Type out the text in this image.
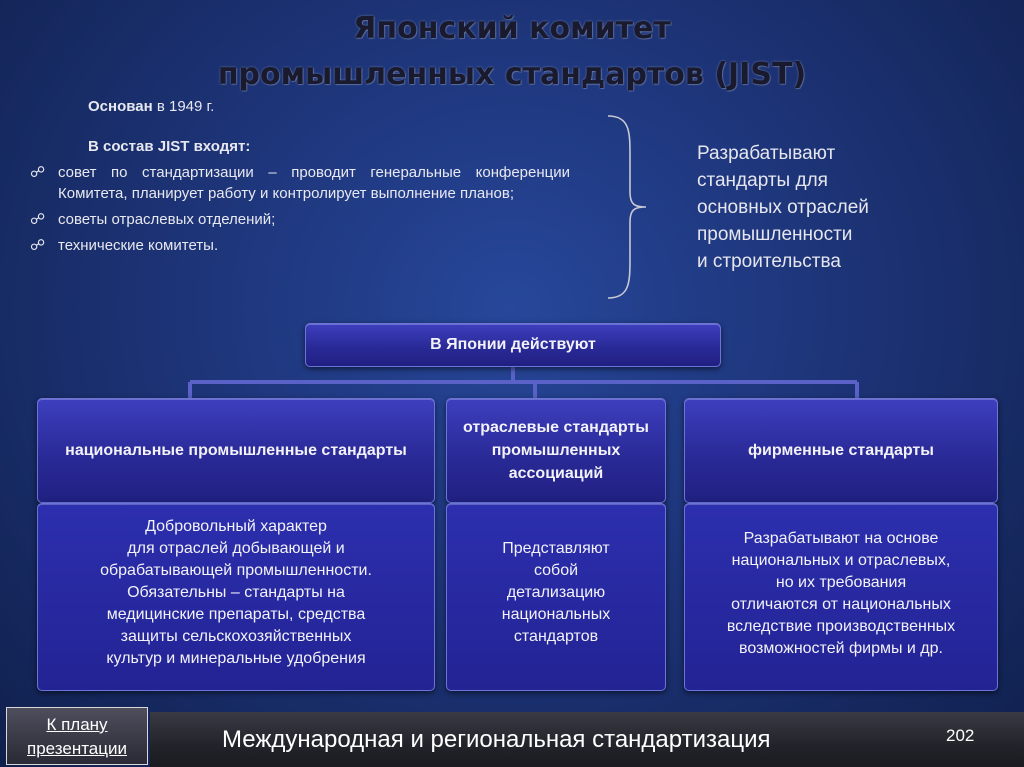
Японский комитет
промышленных стандартов (JIST)
Основан в 1949 г.
В состав JIST входят:
☍ совет по стандартизации – проводит генеральные конференции Комитета, планирует работу и контролирует выполнение планов;
☍ советы отраслевых отделений;
☍ технические комитеты.
Разрабатывают
стандарты для
основных отраслей
промышленности
и строительства
В Японии действуют
национальные промышленные стандарты
отраслевые стандарты промышленных ассоциаций
фирменные стандарты
Добровольный характер
для отраслей добывающей и
обрабатывающей промышленности.
Обязательны – стандарты на
медицинские препараты, средства
защиты сельскохозяйственных
культур и минеральные удобрения
Представляют
собой
детализацию
национальных
стандартов
Разрабатывают на основе
национальных и отраслевых,
но их требования
отличаются от национальных
вследствие производственных
возможностей фирмы и др.
К плану
презентации	Международная и региональная стандартизация	202
